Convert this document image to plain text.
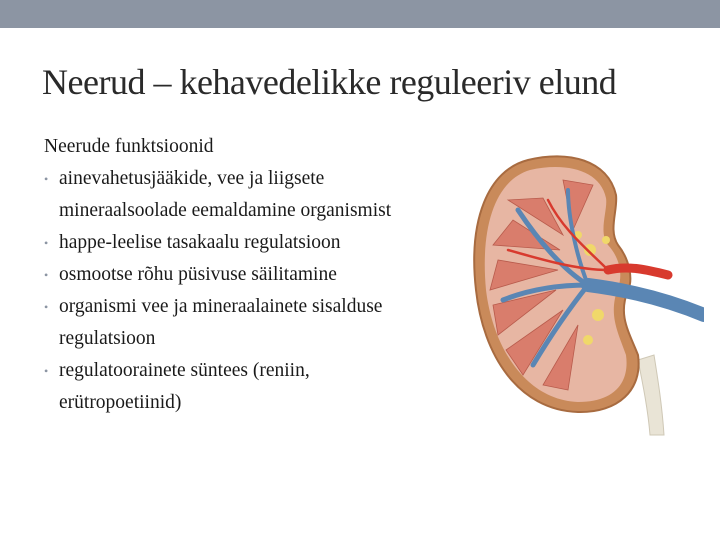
Neerud – kehavedelikke reguleeriv elund

Neerude funktsioonid

• ainevahetusjääkide, vee ja liigsete
mineraalsoolade eemaldamine organismist
• happe-leelise tasakaalu regulatsioon
• osmootse rõhu püsivuse säilitamine
• organismi vee ja mineraalainete sisalduse
regulatsioon
• regulatoorainete süntees (reniin,
erütropoetiinid)
